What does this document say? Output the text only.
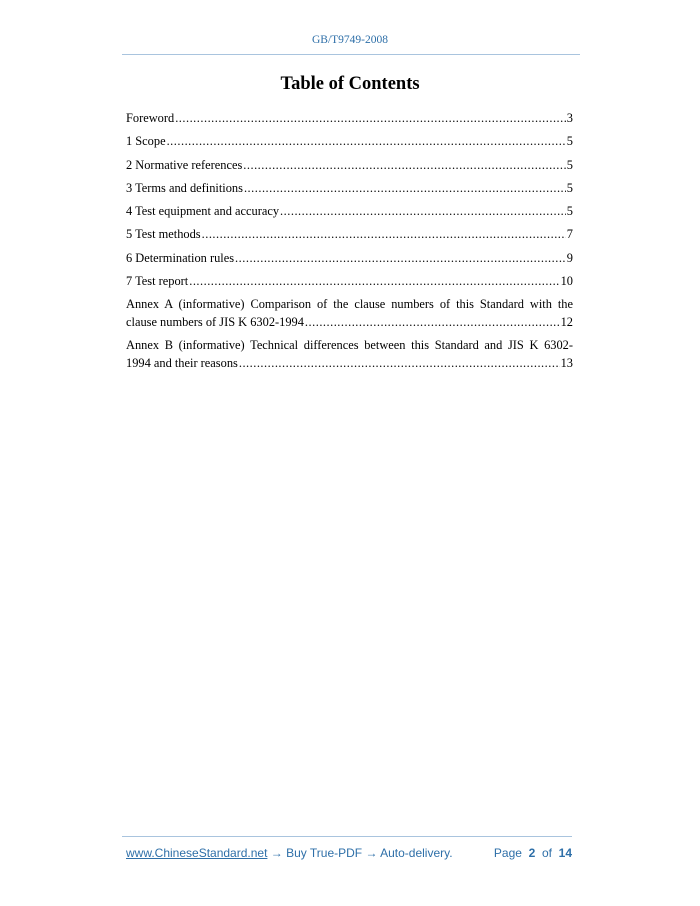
GB/T9749-2008
Table of Contents
Foreword .....	3
1 Scope .....	5
2 Normative references .....	5
3 Terms and definitions .....	5
4 Test equipment and accuracy .....	5
5 Test methods .....	7
6 Determination rules .....	9
7 Test report .....	10
Annex A (informative) Comparison of the clause numbers of this Standard with the
clause numbers of JIS K 6302-1994 .....	12
Annex B (informative) Technical differences between this Standard and JIS K 6302-
1994 and their reasons .....	13
www.ChineseStandard.net → Buy True-PDF → Auto-delivery.	Page 2 of 14
